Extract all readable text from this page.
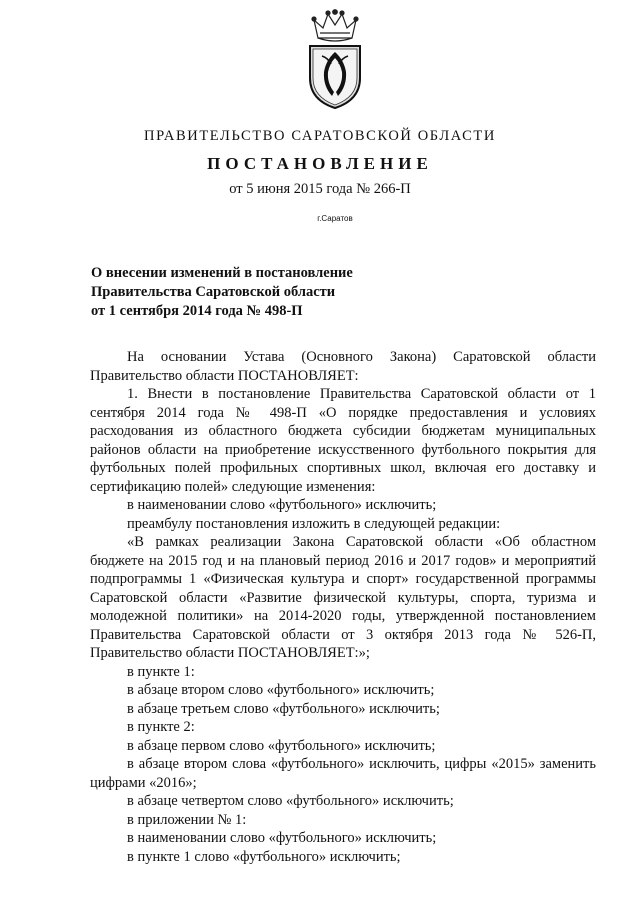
ПРАВИТЕЛЬСТВО САРАТОВСКОЙ ОБЛАСТИ
ПОСТАНОВЛЕНИЕ
от 5 июня 2015 года № 266-П
г.Саратов
О внесении изменений в постановление
Правительства Саратовской области
от 1 сентября 2014 года № 498-П

На основании Устава (Основного Закона) Саратовской области Правительство области ПОСТАНОВЛЯЕТ:

1. Внести в постановление Правительства Саратовской области от 1 сентября 2014 года № 498-П «О порядке предоставления и условиях расходования из областного бюджета субсидии бюджетам муниципальных районов области на приобретение искусственного футбольного покрытия для футбольных полей профильных спортивных школ, включая его доставку и сертификацию полей» следующие изменения:

в наименовании слово «футбольного» исключить;

преамбулу постановления изложить в следующей редакции:

«В рамках реализации Закона Саратовской области «Об областном бюджете на 2015 год и на плановый период 2016 и 2017 годов» и мероприятий подпрограммы 1 «Физическая культура и спорт» государственной программы Саратовской области «Развитие физической культуры, спорта, туризма и молодежной политики» на 2014-2020 годы, утвержденной постановлением Правительства Саратовской области от 3 октября 2013 года № 526-П, Правительство области ПОСТАНОВЛЯЕТ:»;

в пункте 1:

в абзаце втором слово «футбольного» исключить;

в абзаце третьем слово «футбольного» исключить;

в пункте 2:

в абзаце первом слово «футбольного» исключить;

в абзаце втором слова «футбольного» исключить, цифры «2015» заменить цифрами «2016»;

в абзаце четвертом слово «футбольного» исключить;

в приложении № 1:

в наименовании слово «футбольного» исключить;

в пункте 1 слово «футбольного» исключить;
